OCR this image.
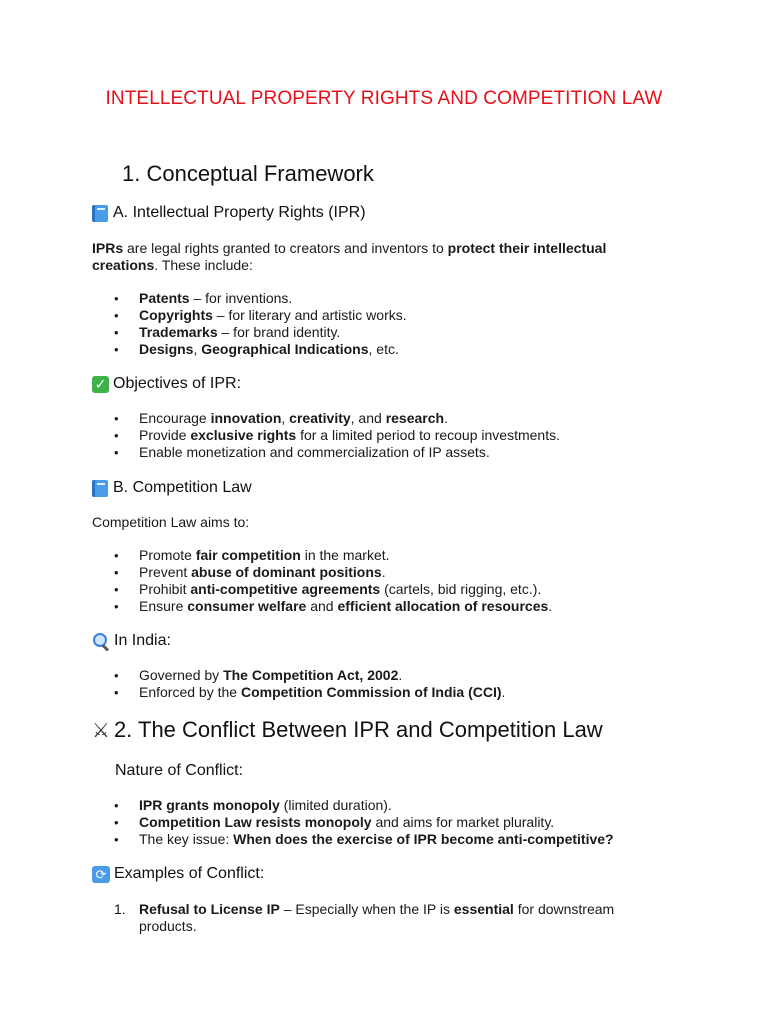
INTELLECTUAL PROPERTY RIGHTS AND COMPETITION LAW
1. Conceptual Framework
A. Intellectual Property Rights (IPR)
IPRs are legal rights granted to creators and inventors to protect their intellectual creations. These include:
• Patents – for inventions.
• Copyrights – for literary and artistic works.
• Trademarks – for brand identity.
• Designs, Geographical Indications, etc.
✓ Objectives of IPR:
• Encourage innovation, creativity, and research.
• Provide exclusive rights for a limited period to recoup investments.
• Enable monetization and commercialization of IP assets.
B. Competition Law
Competition Law aims to:
• Promote fair competition in the market.
• Prevent abuse of dominant positions.
• Prohibit anti-competitive agreements (cartels, bid rigging, etc.).
• Ensure consumer welfare and efficient allocation of resources.
In India:
• Governed by The Competition Act, 2002.
• Enforced by the Competition Commission of India (CCI).
⚔ 2. The Conflict Between IPR and Competition Law
Nature of Conflict:
• IPR grants monopoly (limited duration).
• Competition Law resists monopoly and aims for market plurality.
• The key issue: When does the exercise of IPR become anti-competitive?
⟳ Examples of Conflict:
1. Refusal to License IP – Especially when the IP is essential for downstream products.
